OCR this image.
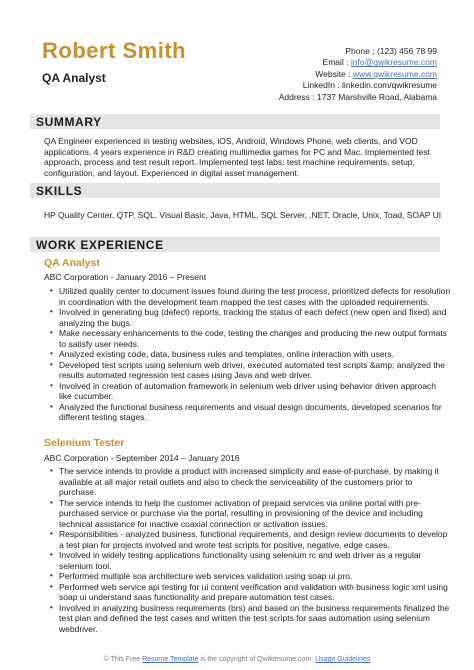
Robert Smith
QA Analyst
Phone : (123) 456 78 99
Email : info@qwikresume.com
Website : www.qwikresume.com
LinkedIn : linkedin.com/qwikresume
Address : 1737 Marshville Road, Alabama
SUMMARY
QA Engineer experienced in testing websites, iOS, Android, Windows Phone, web clients, and VOD applications. 4 years experience in R&D creating multimedia games for PC and Mac. Implemented test approach, process and test result report. Implemented test labs: test machine requirements, setup, configuration, and layout. Experienced in digital asset management.
SKILLS
HP Quality Center, QTP, SQL, Visual Basic, Java, HTML, SQL Server, .NET, Oracle, Unix, Toad, SOAP UI
WORK EXPERIENCE
QA Analyst
ABC Corporation - January 2016 – Present
• Utilized quality center to document issues found during the test process, prioritized defects for resolution in coordination with the development team mapped the test cases with the uploaded requirements.
• Involved in generating bug (defect) reports, tracking the status of each defect (new open and fixed) and analyzing the bugs.
• Make necessary enhancements to the code, testing the changes and producing the new output formats to satisfy user needs.
• Analyzed existing code, data, business rules and templates, online interaction with users.
• Developed test scripts using selenium web driver, executed automated test scripts &amp; analyzed the results automated regression test cases using Java and web driver.
• Involved in creation of automation framework in selenium web driver using behavior driven approach like cucumber.
• Analyzed the functional business requirements and visual design documents, developed scenarios for different testing stages.
Selenium Tester
ABC Corporation - September 2014 – January 2016
• The service intends to provide a product with increased simplicity and ease-of-purchase, by making it available at all major retail outlets and also to check the serviceability of the customers prior to purchase.
• The service intends to help the customer activation of prepaid services via online portal with pre-purchased service or purchase via the portal, resulting in provisioning of the device and including technical assistance for inactive coaxial connection or activation issues.
• Responsibilities - analyzed business, functional requirements, and design review documents to develop a test plan for projects involved and wrote test scripts for positive, negative, edge cases.
• Involved in widely testing applications functionality using selenium rc and web driver as a regular selenium tool.
• Performed multiple soa architecture web services validation using soap ui pro.
• Performed web service api testing for ui content verification and validation with business logic xml using soap ui understand saas functionality and prepare automation test cases.
• Involved in analyzing business requirements (brs) and based on the business requirements finalized the test plan and defined the test cases and written the test scripts for saas automation using selenium webdriver.
© This Free Resume Template is the copyright of Qwikresume.com. Usage Guidelines
